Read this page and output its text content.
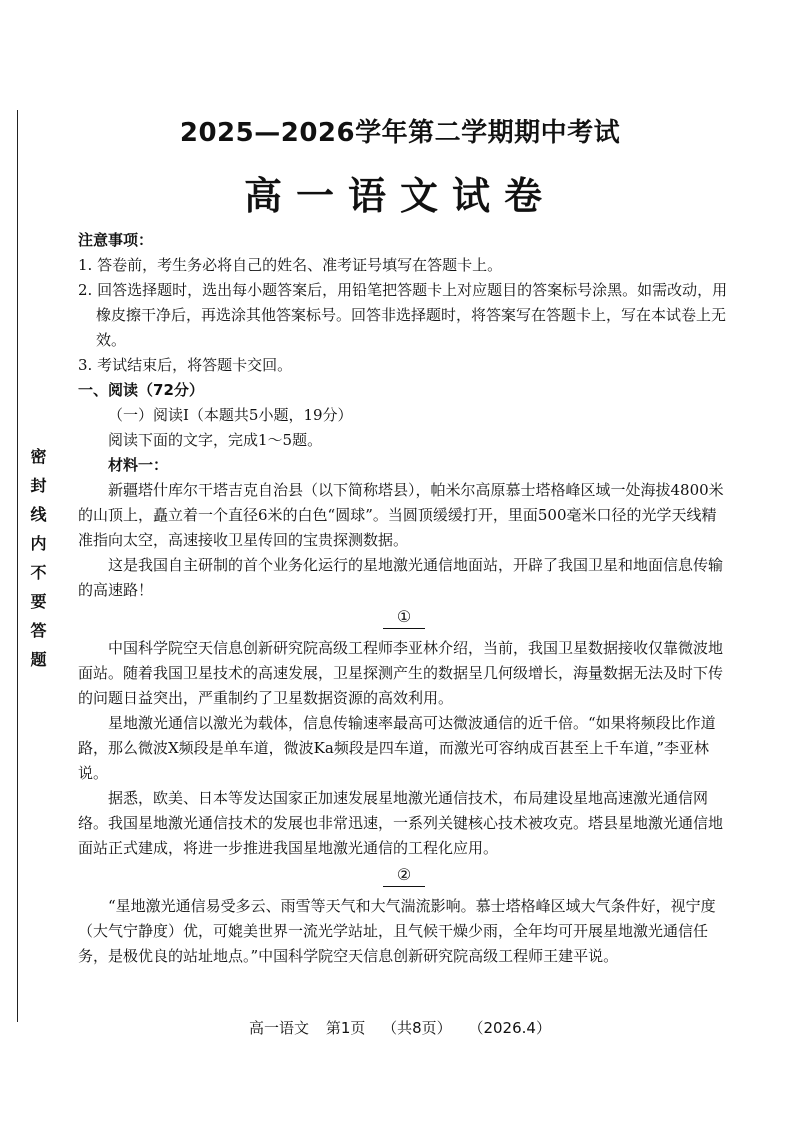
密封线内不要答题
2025—2026学年第二学期期中考试
高一语文试卷

注意事项：

1. 答卷前，考生务必将自己的姓名、准考证号填写在答题卡上。

2. 回答选择题时，选出每小题答案后，用铅笔把答题卡上对应题目的答案标号涂黑。如需改动，用橡皮擦干净后，再选涂其他答案标号。回答非选择题时，将答案写在答题卡上，写在本试卷上无效。

3. 考试结束后，将答题卡交回。

一、阅读（72分）

（一）阅读Ⅰ（本题共5小题，19分）

阅读下面的文字，完成1～5题。

材料一：

新疆塔什库尔干塔吉克自治县（以下简称塔县），帕米尔高原慕士塔格峰区域一处海拔4800米的山顶上，矗立着一个直径6米的白色“圆球”。当圆顶缓缓打开，里面500毫米口径的光学天线精准指向太空，高速接收卫星传回的宝贵探测数据。

这是我国自主研制的首个业务化运行的星地激光通信地面站，开辟了我国卫星和地面信息传输的高速路！

①

中国科学院空天信息创新研究院高级工程师李亚林介绍，当前，我国卫星数据接收仅靠微波地面站。随着我国卫星技术的高速发展，卫星探测产生的数据呈几何级增长，海量数据无法及时下传的问题日益突出，严重制约了卫星数据资源的高效利用。

星地激光通信以激光为载体，信息传输速率最高可达微波通信的近千倍。“如果将频段比作道路，那么微波X频段是单车道，微波Ka频段是四车道，而激光可容纳成百甚至上千车道，”李亚林说。

据悉，欧美、日本等发达国家正加速发展星地激光通信技术，布局建设星地高速激光通信网络。我国星地激光通信技术的发展也非常迅速，一系列关键核心技术被攻克。塔县星地激光通信地面站正式建成，将进一步推进我国星地激光通信的工程化应用。

②

“星地激光通信易受多云、雨雪等天气和大气湍流影响。慕士塔格峰区域大气条件好，视宁度（大气宁静度）优，可媲美世界一流光学站址，且气候干燥少雨，全年均可开展星地激光通信任务，是极优良的站址地点。”中国科学院空天信息创新研究院高级工程师王建平说。

高一语文 第1页 （共8页） （2026.4）
